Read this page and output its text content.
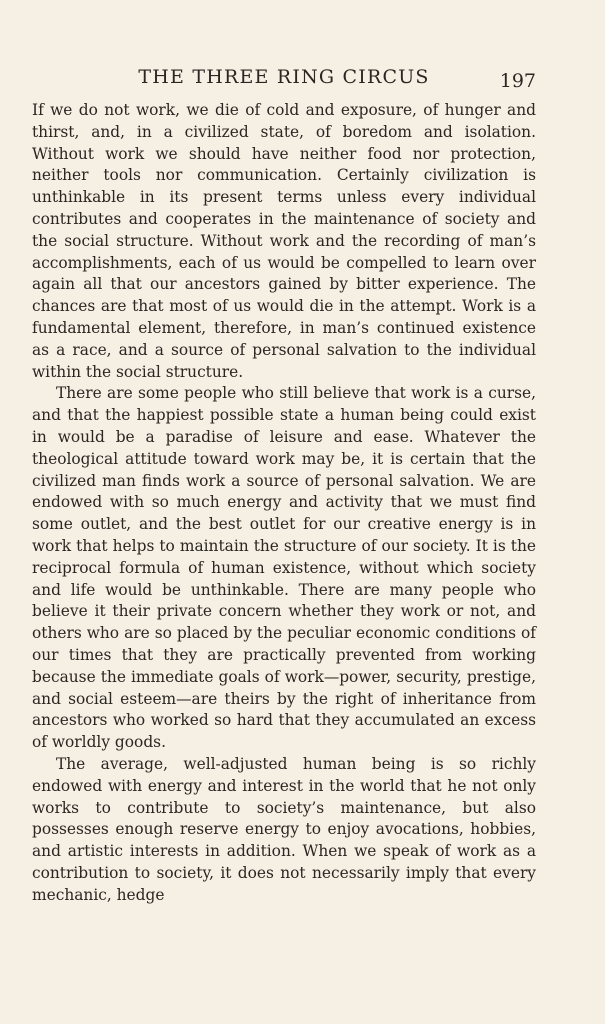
THE THREE RING CIRCUS	197

If we do not work, we die of cold and exposure, of hunger and thirst, and, in a civilized state, of boredom and isolation. Without work we should have neither food nor protection, neither tools nor communication. Certainly civilization is unthinkable in its present terms unless every individual contributes and cooperates in the maintenance of society and the social structure. Without work and the recording of man’s accomplishments, each of us would be compelled to learn over again all that our ancestors gained by bitter experience. The chances are that most of us would die in the attempt. Work is a fundamental element, therefore, in man’s continued existence as a race, and a source of personal salvation to the individual within the social structure.

There are some people who still believe that work is a curse, and that the happiest possible state a human being could exist in would be a paradise of leisure and ease. Whatever the theological attitude toward work may be, it is certain that the civilized man finds work a source of personal salvation. We are endowed with so much energy and activity that we must find some outlet, and the best outlet for our creative energy is in work that helps to maintain the structure of our society. It is the reciprocal formula of human existence, without which society and life would be unthinkable. There are many people who believe it their private concern whether they work or not, and others who are so placed by the peculiar economic conditions of our times that they are practically prevented from working because the immediate goals of work—power, security, prestige, and social esteem—are theirs by the right of inheritance from ancestors who worked so hard that they accumulated an excess of worldly goods.

The average, well-adjusted human being is so richly endowed with energy and interest in the world that he not only works to contribute to society’s maintenance, but also possesses enough reserve energy to enjoy avocations, hobbies, and artistic interests in addition. When we speak of work as a contribution to society, it does not necessarily imply that every mechanic, hedge
